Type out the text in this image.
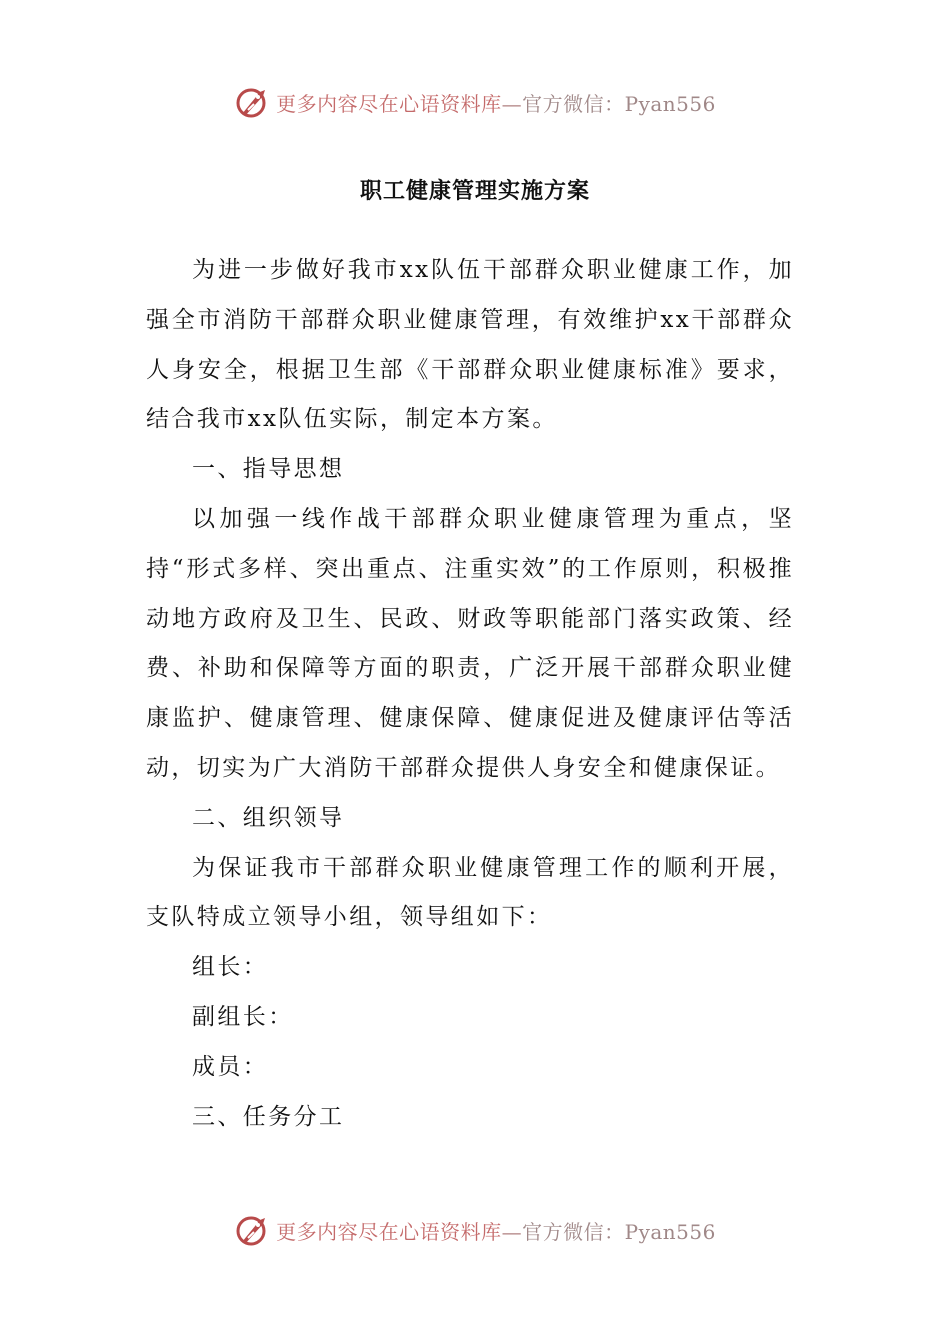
更多内容尽在心语资料库—官方微信：Pyan556
职工健康管理实施方案

为进一步做好我市xx队伍干部群众职业健康工作，加强全市消防干部群众职业健康管理，有效维护xx干部群众人身安全，根据卫生部《干部群众职业健康标准》要求，结合我市xx队伍实际，制定本方案。

一、指导思想

以加强一线作战干部群众职业健康管理为重点，坚持“形式多样、突出重点、注重实效”的工作原则，积极推动地方政府及卫生、民政、财政等职能部门落实政策、经费、补助和保障等方面的职责，广泛开展干部群众职业健康监护、健康管理、健康保障、健康促进及健康评估等活动，切实为广大消防干部群众提供人身安全和健康保证。

二、组织领导

为保证我市干部群众职业健康管理工作的顺利开展，支队特成立领导小组，领导组如下：

组长：

副组长：

成员：

三、任务分工

更多内容尽在心语资料库—官方微信：Pyan556
